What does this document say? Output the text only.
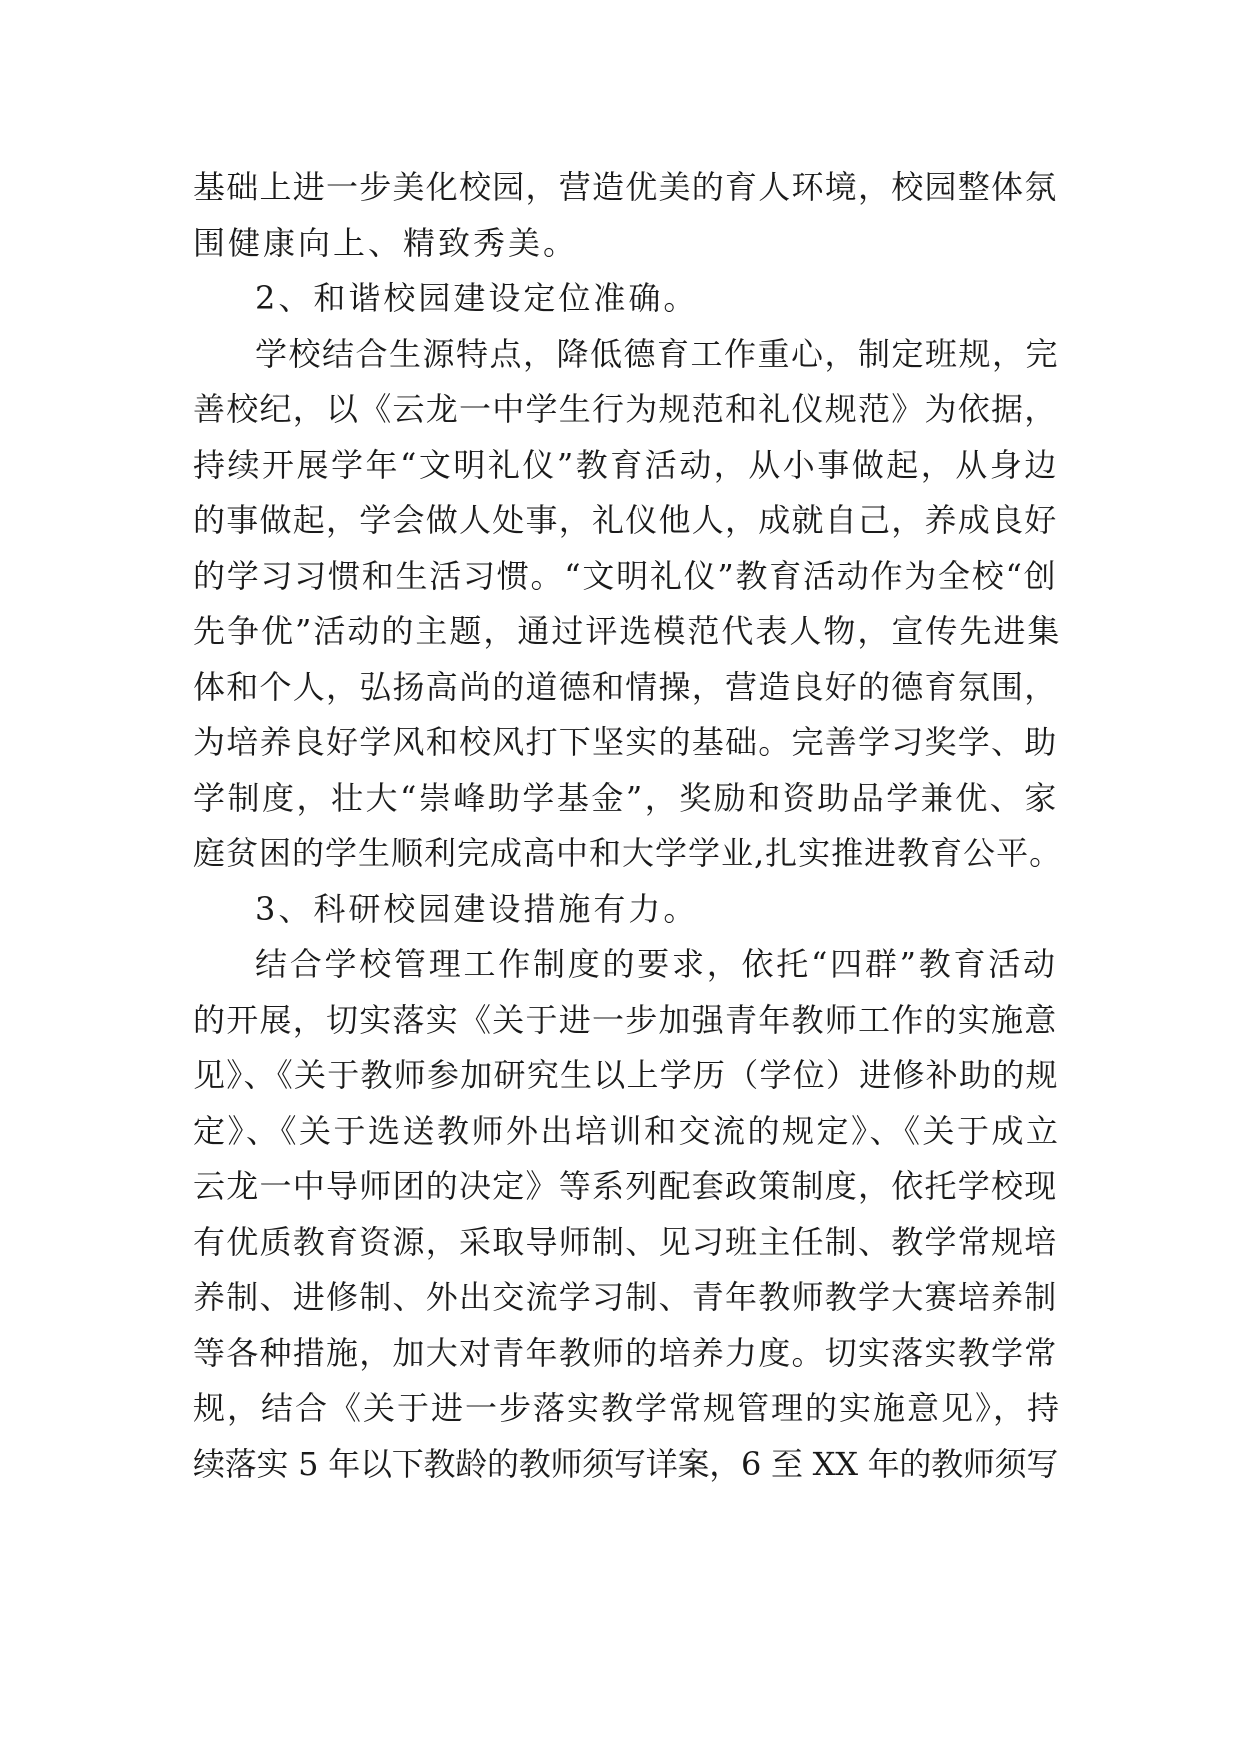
基础上进一步美化校园，营造优美的育人环境，校园整体氛
围健康向上、精致秀美。
2、和谐校园建设定位准确。
学校结合生源特点，降低德育工作重心，制定班规，完
善校纪，以《云龙一中学生行为规范和礼仪规范》为依据，
持续开展学年“文明礼仪”教育活动，从小事做起，从身边
的事做起，学会做人处事，礼仪他人，成就自己，养成良好
的学习习惯和生活习惯。“文明礼仪”教育活动作为全校“创
先争优”活动的主题，通过评选模范代表人物，宣传先进集
体和个人，弘扬高尚的道德和情操，营造良好的德育氛围，
为培养良好学风和校风打下坚实的基础。完善学习奖学、助
学制度，壮大“崇峰助学基金”，奖励和资助品学兼优、家
庭贫困的学生顺利完成高中和大学学业,扎实推进教育公平。
3、科研校园建设措施有力。
结合学校管理工作制度的要求，依托“四群”教育活动
的开展，切实落实《关于进一步加强青年教师工作的实施意
见》、《关于教师参加研究生以上学历（学位）进修补助的规
定》、《关于选送教师外出培训和交流的规定》、《关于成立
云龙一中导师团的决定》等系列配套政策制度，依托学校现
有优质教育资源，采取导师制、见习班主任制、教学常规培
养制、进修制、外出交流学习制、青年教师教学大赛培养制
等各种措施，加大对青年教师的培养力度。切实落实教学常
规，结合《关于进一步落实教学常规管理的实施意见》，持
续落实 5 年以下教龄的教师须写详案，6 至 XX 年的教师须写
